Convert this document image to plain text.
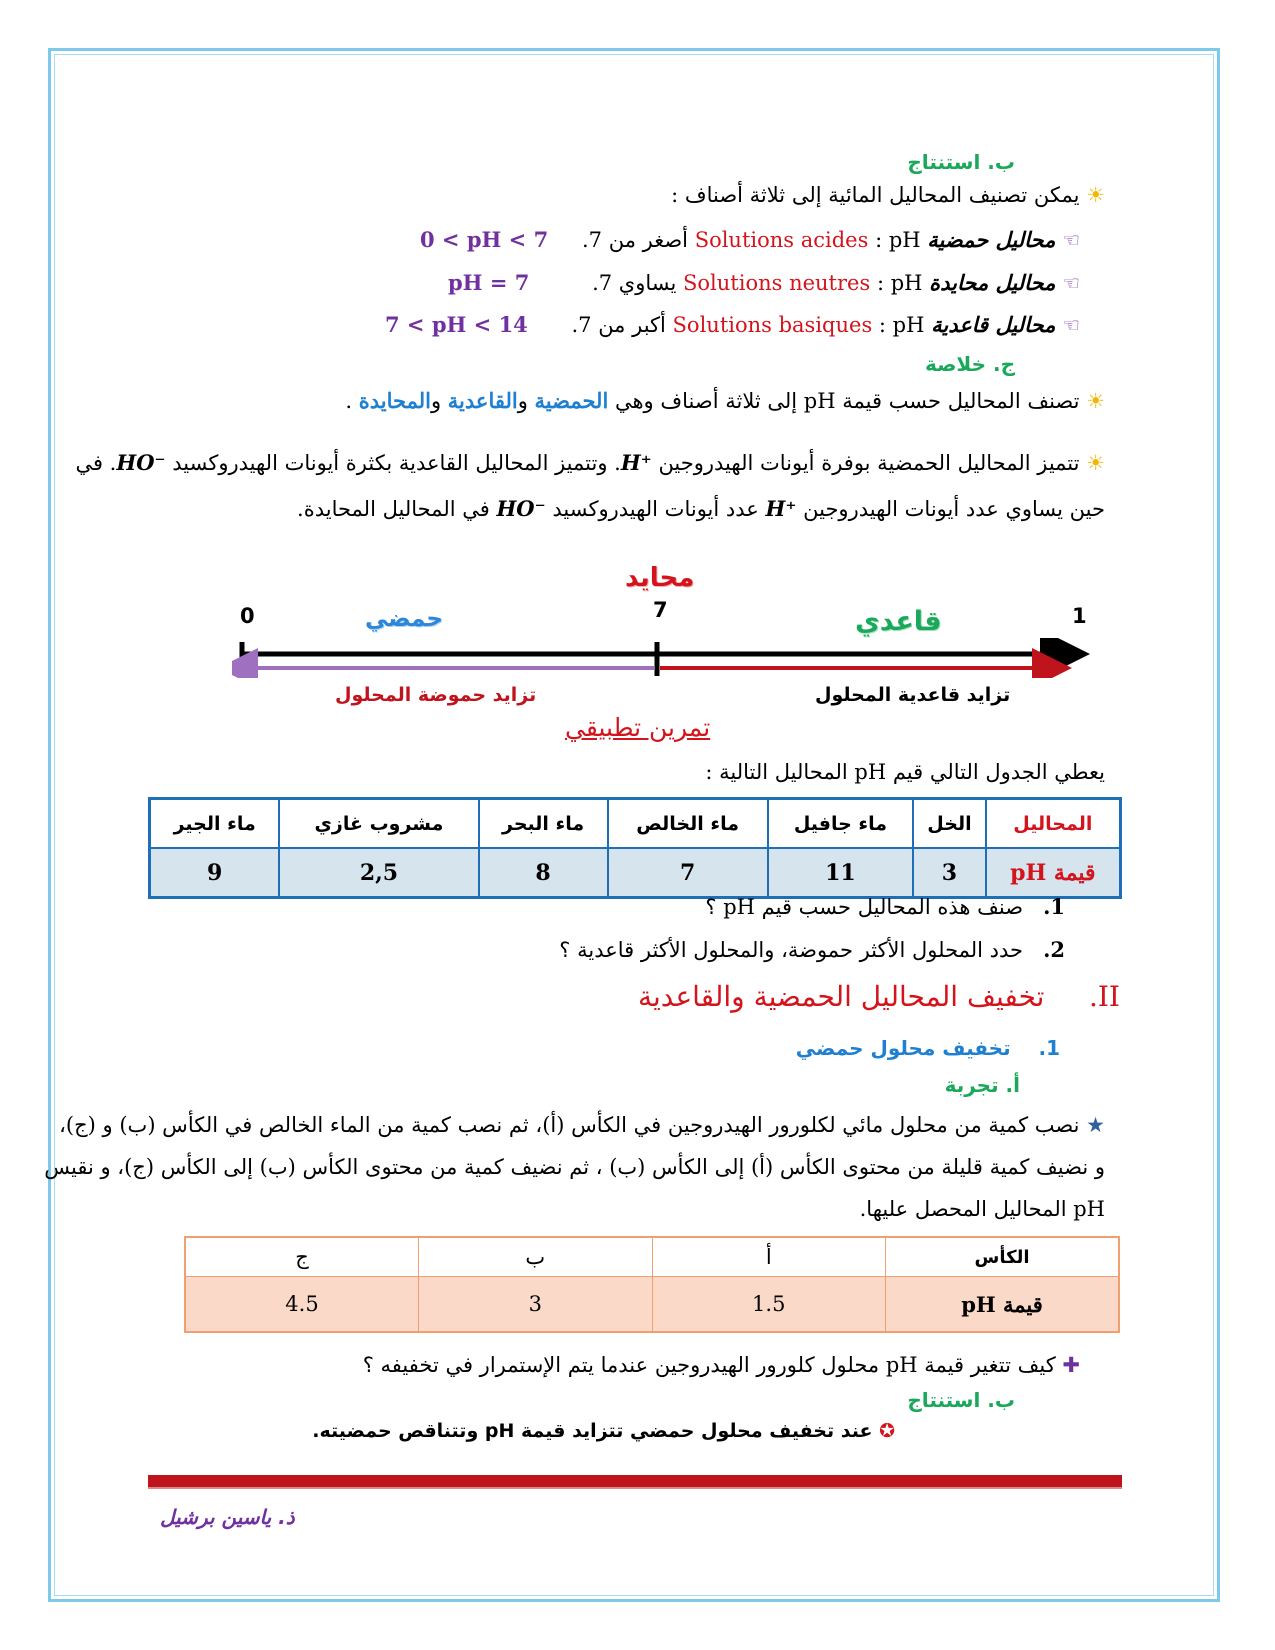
ب. استنتاج
☀ يمكن تصنيف المحاليل المائية إلى ثلاثة أصناف :
☜ محاليل حمضية Solutions acides : pH أصغر من 7.
0 < pH < 7
☜ محاليل محايدة Solutions neutres : pH يساوي 7.
pH = 7
☜ محاليل قاعدية Solutions basiques : pH أكبر من 7.
7 < pH < 14
ج. خلاصة
☀ تصنف المحاليل حسب قيمة pH إلى ثلاثة أصناف وهي الحمضية والقاعدية والمحايدة .
☀ تتميز المحاليل الحمضية بوفرة أيونات الهيدروجين H⁺. وتتميز المحاليل القاعدية بكثرة أيونات الهيدروكسيد HO⁻. في
حين يساوي عدد أيونات الهيدروجين H⁺ عدد أيونات الهيدروكسيد HO⁻ في المحاليل المحايدة.
محايد
0	7	1
حمضي	قاعدي
تزايد حموضة المحلول	تزايد قاعدية المحلول
تمرين تطبيقي
يعطي الجدول التالي قيم pH المحاليل التالية :
المحاليل	الخل	ماء جافيل	ماء الخالص	ماء البحر	مشروب غازي	ماء الجير
قيمة pH	3	11	7	8	2,5	9
1.   صنف هذه المحاليل حسب قيم pH ؟
2.   حدد المحلول الأكثر حموضة، والمحلول الأكثر قاعدية ؟
II.     تخفيف المحاليل الحمضية والقاعدية
1.    تخفيف محلول حمضي
أ. تجربة
★ نصب كمية من محلول مائي لكلورور الهيدروجين في الكأس (أ)، ثم نصب كمية من الماء الخالص في الكأس (ب) و (ج)،
و نضيف كمية قليلة من محتوى الكأس (أ) إلى الكأس (ب) ، ثم نضيف كمية من محتوى الكأس (ب) إلى الكأس (ج)، و نقيس
pH المحاليل المحصل عليها.
الكأس	أ	ب	ج
قيمة pH	1.5	3	4.5
✚ كيف تتغير قيمة pH محلول كلورور الهيدروجين عندما يتم الإستمرار في تخفيفه ؟
ب. استنتاج
✪ عند تخفيف محلول حمضي تتزايد قيمة pH وتتناقص حمضيته.
ذ. ياسين برشيل
